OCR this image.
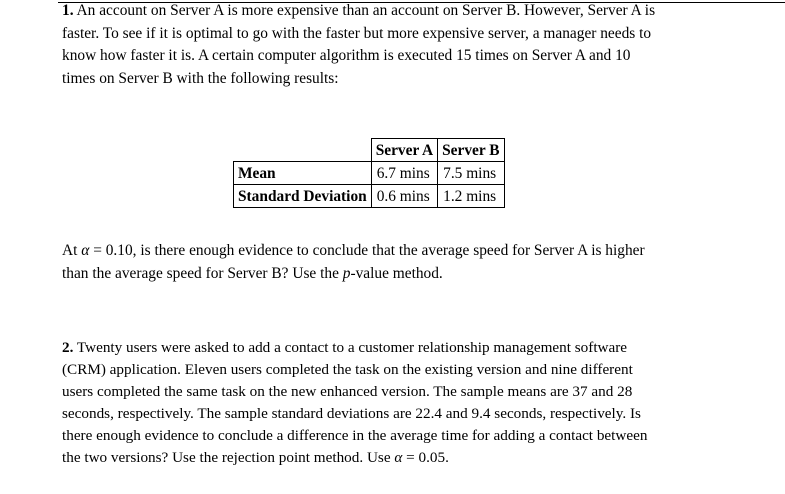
1. An account on Server A is more expensive than an account on Server B. However, Server A is
faster. To see if it is optimal to go with the faster but more expensive server, a manager needs to
know how faster it is. A certain computer algorithm is executed 15 times on Server A and 10
times on Server B with the following results:
	Server A	Server B
Mean	6.7 mins	7.5 mins
Standard Deviation	0.6 mins	1.2 mins
At α = 0.10, is there enough evidence to conclude that the average speed for Server A is higher
than the average speed for Server B? Use the p-value method.
2. Twenty users were asked to add a contact to a customer relationship management software
(CRM) application. Eleven users completed the task on the existing version and nine different
users completed the same task on the new enhanced version. The sample means are 37 and 28
seconds, respectively. The sample standard deviations are 22.4 and 9.4 seconds, respectively. Is
there enough evidence to conclude a difference in the average time for adding a contact between
the two versions? Use the rejection point method. Use α = 0.05.
